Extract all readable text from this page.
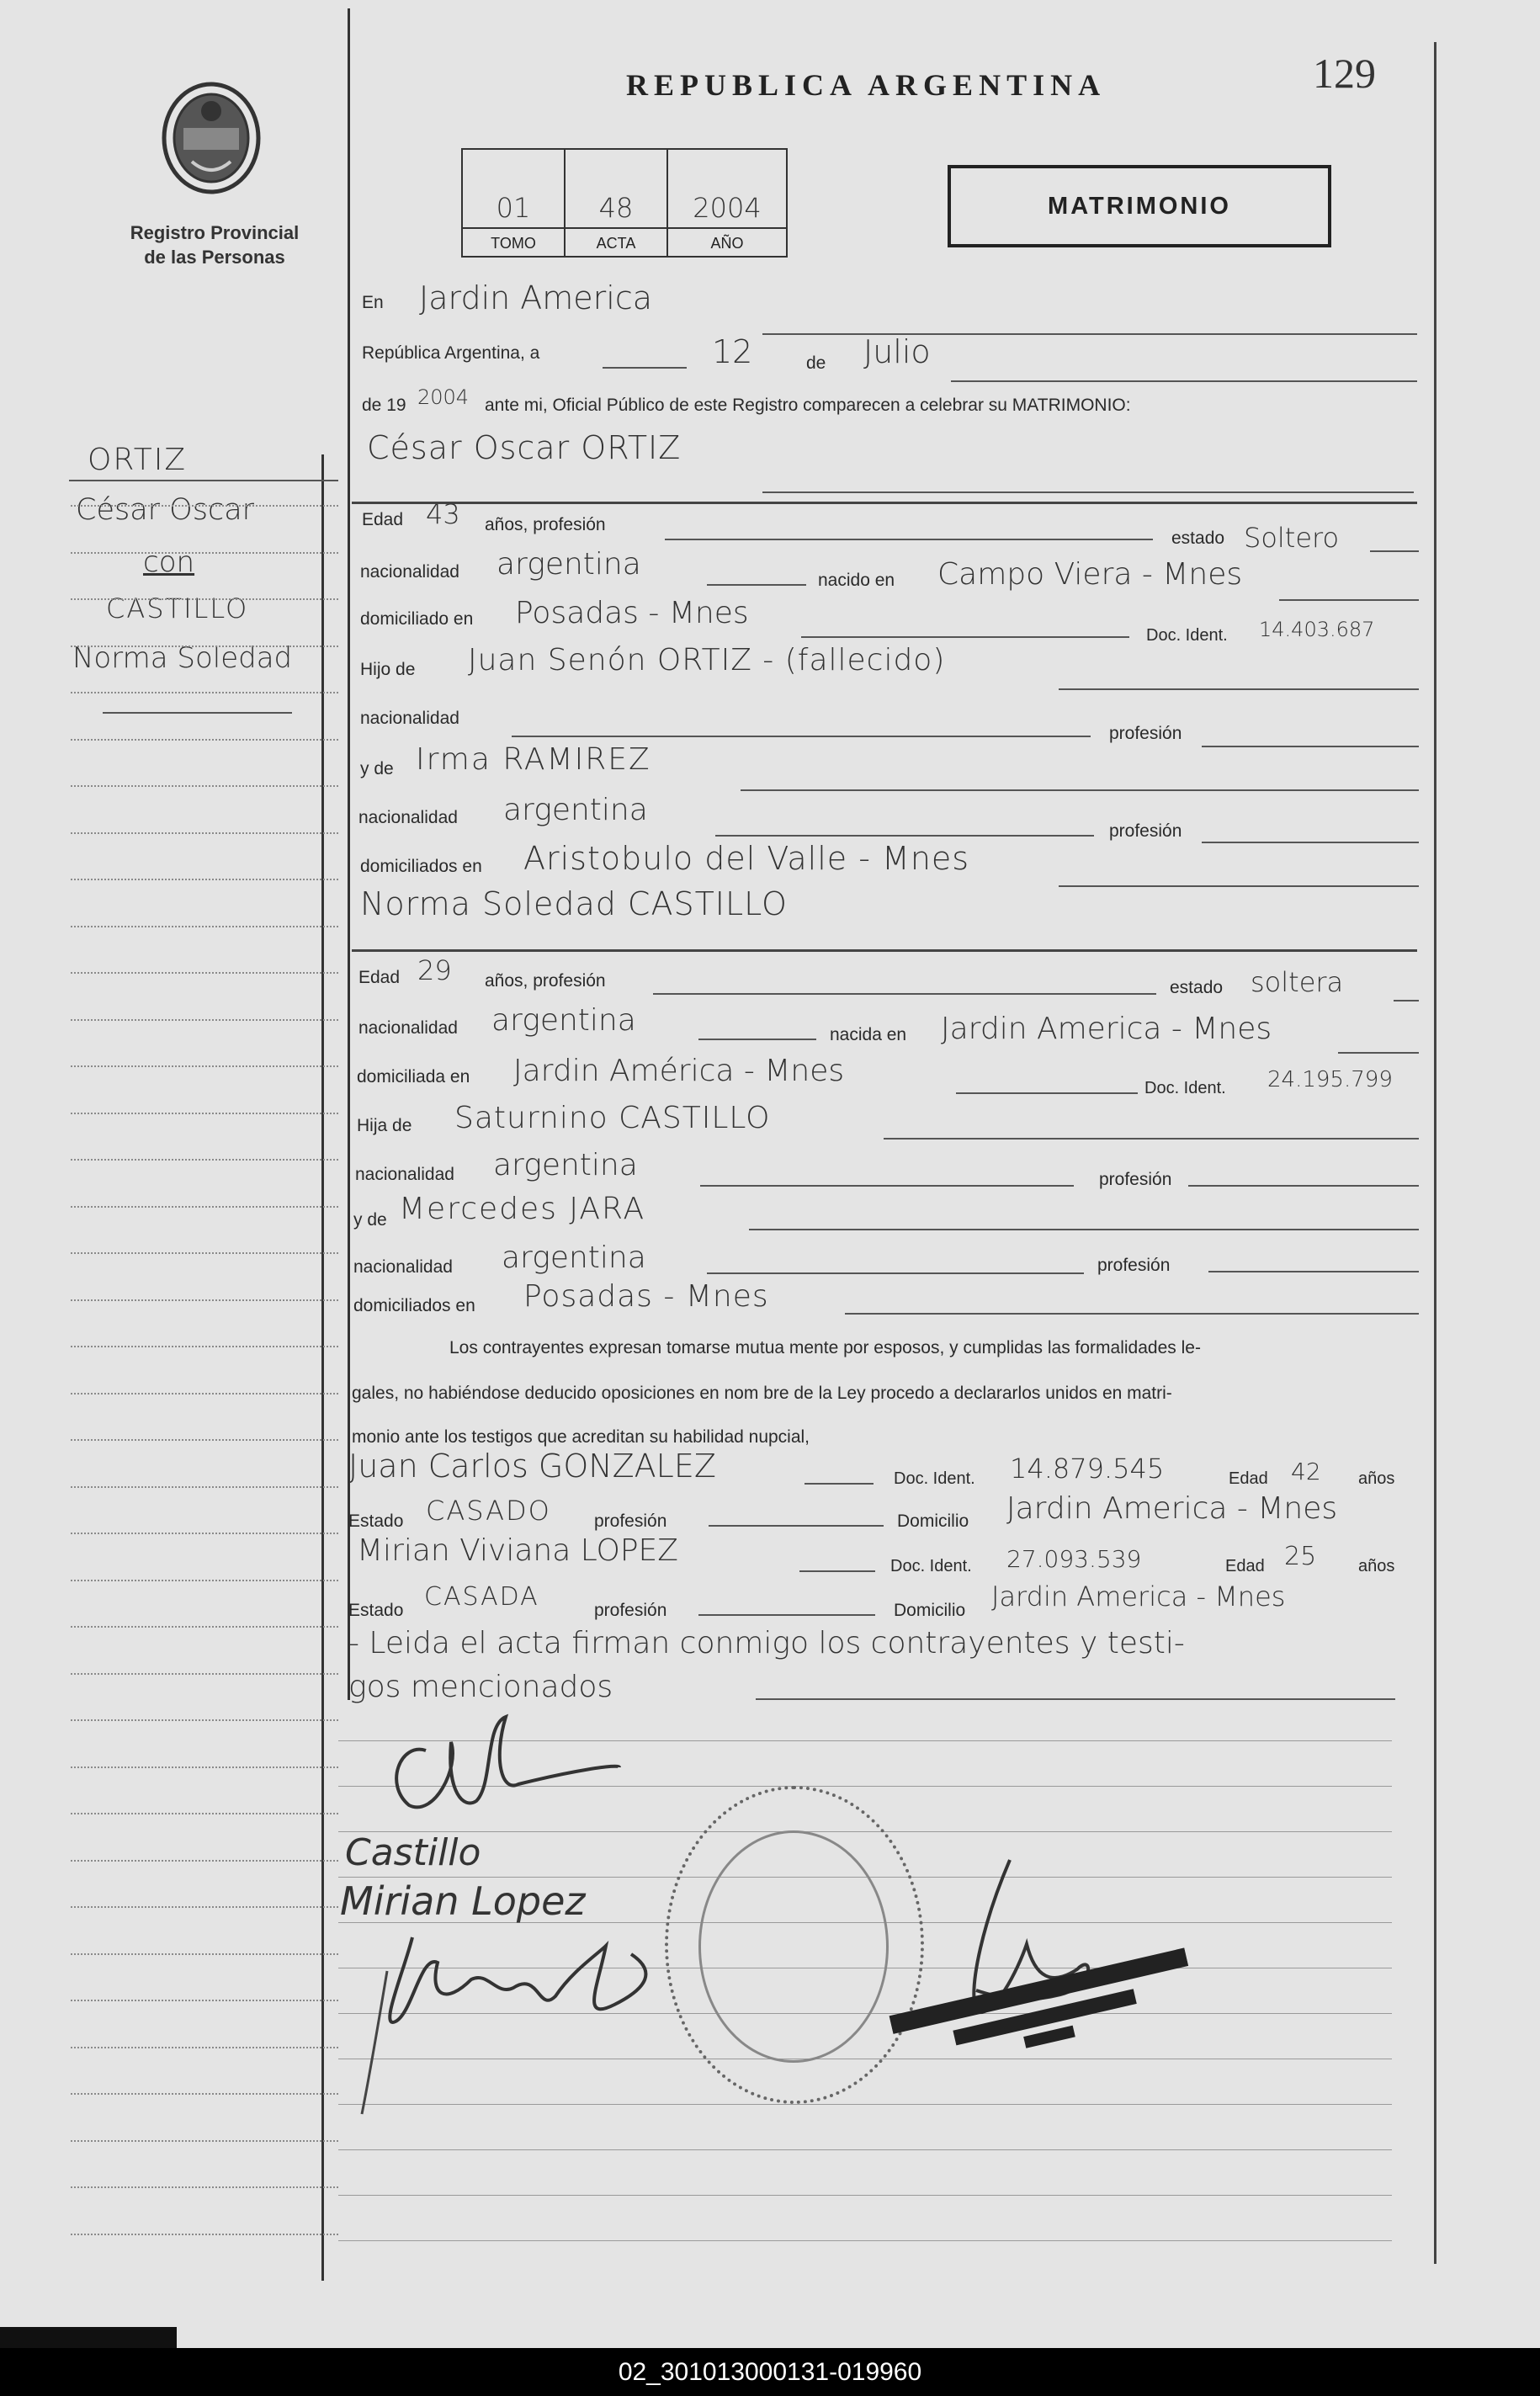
Registro Provincial
de las Personas
REPUBLICA ARGENTINA	129
01
TOMO
48
ACTA
2004
AÑO
MATRIMONIO
ORTIZ
César Oscar
con
CASTILLO
Norma Soledad
En Jardin America
República Argentina, a	12	de Julio
de 19 2004 ante mi, Oficial Público de este Registro comparecen a celebrar su MATRIMONIO:
César Oscar ORTIZ
Edad 43 años, profesión
estado Soltero
nacionalidad argentina	nacido en Campo Viera - Mnes
domiciliado en Posadas - Mnes
Doc. Ident. 14.403.687
Hijo de Juan Senón ORTIZ - (fallecido)
nacionalidad
profesión
y de Irma RAMIREZ
nacionalidad argentina
profesión
domiciliados en Aristobulo del Valle - Mnes
Norma Soledad CASTILLO
Edad 29 años, profesión	estado soltera
nacionalidad argentina	nacida en Jardin America - Mnes
domiciliada en Jardin América - Mnes	Doc. Ident. 24.195.799
Hija de Saturnino CASTILLO
nacionalidad argentina	profesión
y de Mercedes JARA
nacionalidad argentina	profesión
domiciliados en Posadas - Mnes
Los contrayentes expresan tomarse mutua mente por esposos, y cumplidas las formalidades le-
gales, no habiéndose deducido oposiciones en nom bre de la Ley procedo a declararlos unidos en matri-
monio ante los testigos que acreditan su habilidad nupcial,
Juan Carlos GONZALEZ	Doc. Ident. 14.879.545	Edad 42 años
Estado CASADO profesión	Domicilio Jardin America - Mnes
Mirian Viviana LOPEZ	Doc. Ident. 27.093.539	Edad 25 años
Estado CASADA	profesión	Domicilio Jardin America - Mnes
- Leida el acta firman conmigo los contrayentes y testi-
gos mencionados
Castillo
Mirian Lopez
02_301013000131-019960
